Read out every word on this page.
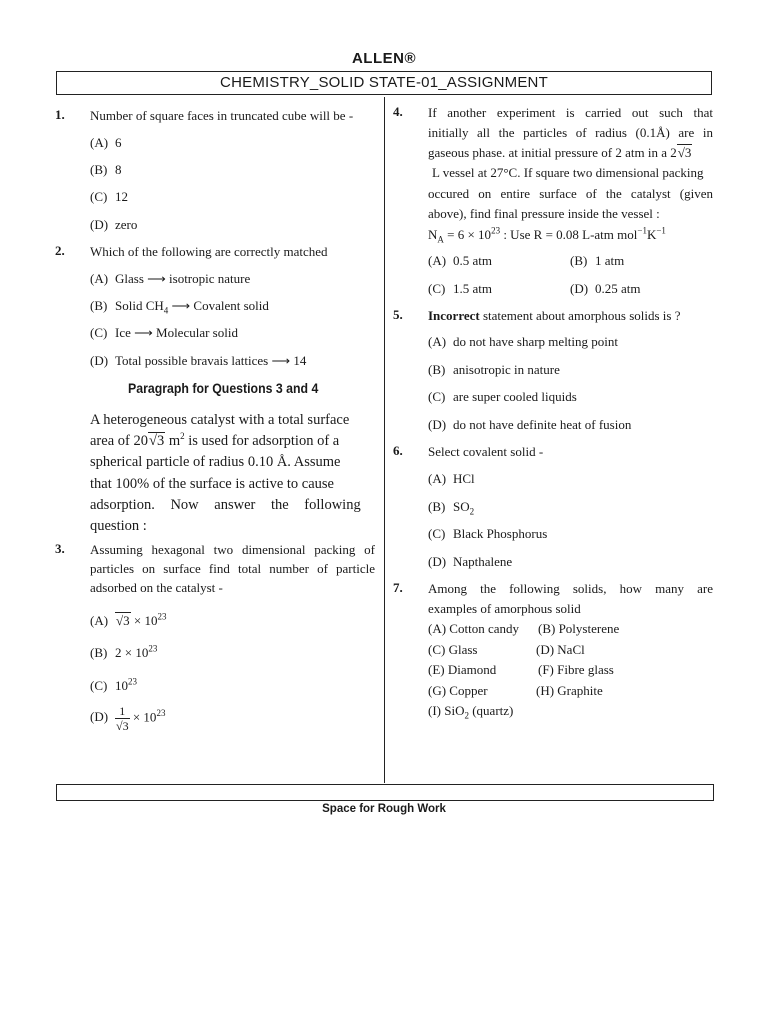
ALLEN®
CHEMISTRY_SOLID STATE-01_ASSIGNMENT
1. Number of square faces in truncated cube will be -
(A) 6
(B) 8
(C) 12
(D) zero
2. Which of the following are correctly matched
(A) Glass ⟶ isotropic nature
(B) Solid $CH_4$ ⟶ Covalent solid
(C) Ice ⟶ Molecular solid
(D) Total possible bravais lattices ⟶ 14
Paragraph for Questions 3 and 4
A heterogeneous catalyst with a total surface
area of 20√3 $m^2$ is used for adsorption of a
spherical particle of radius 0.10 Å. Assume
that 100% of the surface is active to cause
adsorption. Now answer the following
question :
3. Assuming hexagonal two dimensional packing of particles on surface find total number of particle adsorbed on the catalyst -
(A) $√3 \times 10^{23}$
(B) $2 \times 10^{23}$
(C) $10^{23}$
$(D) \frac{1}{√3} \times 10^{23}$
4. If another experiment is carried out such that
initially all the particles of radius (0.1Å) are in
gaseous phase. at initial pressure of 2 atm in a 2√3
L vessel at 27°C. If square two dimensional packing
occured on entire surface of the catalyst (given
above), find final pressure inside the vessel :
$N_A = 6 \times 10^{23}$ : Use R = 0.08 L-atm $mol^{-1}K^{-1}$
(A) 0.5 atm	(B) 1 atm
(C) 1.5 atm	(D) 0.25 atm
5. Incorrect statement about amorphous solids is ?
(A) do not have sharp melting point
(B) anisotropic in nature
(C) are super cooled liquids
(D) do not have definite heat of fusion
6. Select covalent solid -
(A) HCl
(B) $SO_2$
(C) Black Phosphorus
(D) Napthalene
7. Among the following solids, how many are
examples of amorphous solid
(A) Cotton candy (B) Polysterene
(C) Glass	(D) NaCl
(E) Diamond	(F) Fibre glass
(G) Copper	(H) Graphite
(I) SiO$_2$ (quartz)
Space for Rough Work
